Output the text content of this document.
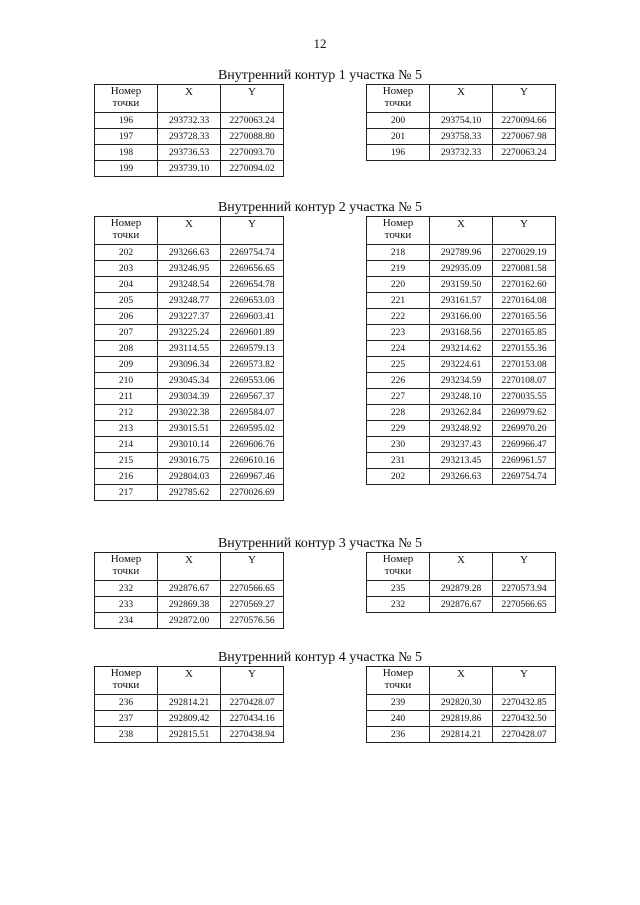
12
Внутренний контур 1 участка № 5
Номер
точки	X	Y
196	293732.33	2270063.24
197	293728.33	2270088.80
198	293736.53	2270093.70
199	293739.10	2270094.02
Номер
точки	X	Y
200	293754.10	2270094.66
201	293758.33	2270067.98
196	293732.33	2270063.24
Внутренний контур 2 участка № 5
Номер
точки	X	Y
202	293266.63	2269754.74
203	293246.95	2269656.65
204	293248.54	2269654.78
205	293248.77	2269653.03
206	293227.37	2269603.41
207	293225.24	2269601.89
208	293114.55	2269579.13
209	293096.34	2269573.82
210	293045.34	2269553.06
211	293034.39	2269567.37
212	293022.38	2269584.07
213	293015.51	2269595.02
214	293010.14	2269606.76
215	293016.75	2269610.16
216	292804.03	2269967.46
217	292785.62	2270026.69
Номер
точки	X	Y
218	292789.96	2270029.19
219	292935.09	2270081.58
220	293159.50	2270162.60
221	293161.57	2270164.08
222	293166.00	2270165.56
223	293168.56	2270165.85
224	293214.62	2270155.36
225	293224.61	2270153.08
226	293234.59	2270108.07
227	293248.10	2270035.55
228	293262.84	2269979.62
229	293248.92	2269970.20
230	293237.43	2269966.47
231	293213.45	2269961.57
202	293266.63	2269754.74
Внутренний контур 3 участка № 5
Номер
точки	X	Y
232	292876.67	2270566.65
233	292869.38	2270569.27
234	292872.00	2270576.56
Номер
точки	X	Y
235	292879.28	2270573.94
232	292876.67	2270566.65
Внутренний контур 4 участка № 5
Номер
точки	X	Y
236	292814.21	2270428.07
237	292809.42	2270434.16
238	292815.51	2270438.94
Номер
точки	X	Y
239	292820.30	2270432.85
240	292819.86	2270432.50
236	292814.21	2270428.07
